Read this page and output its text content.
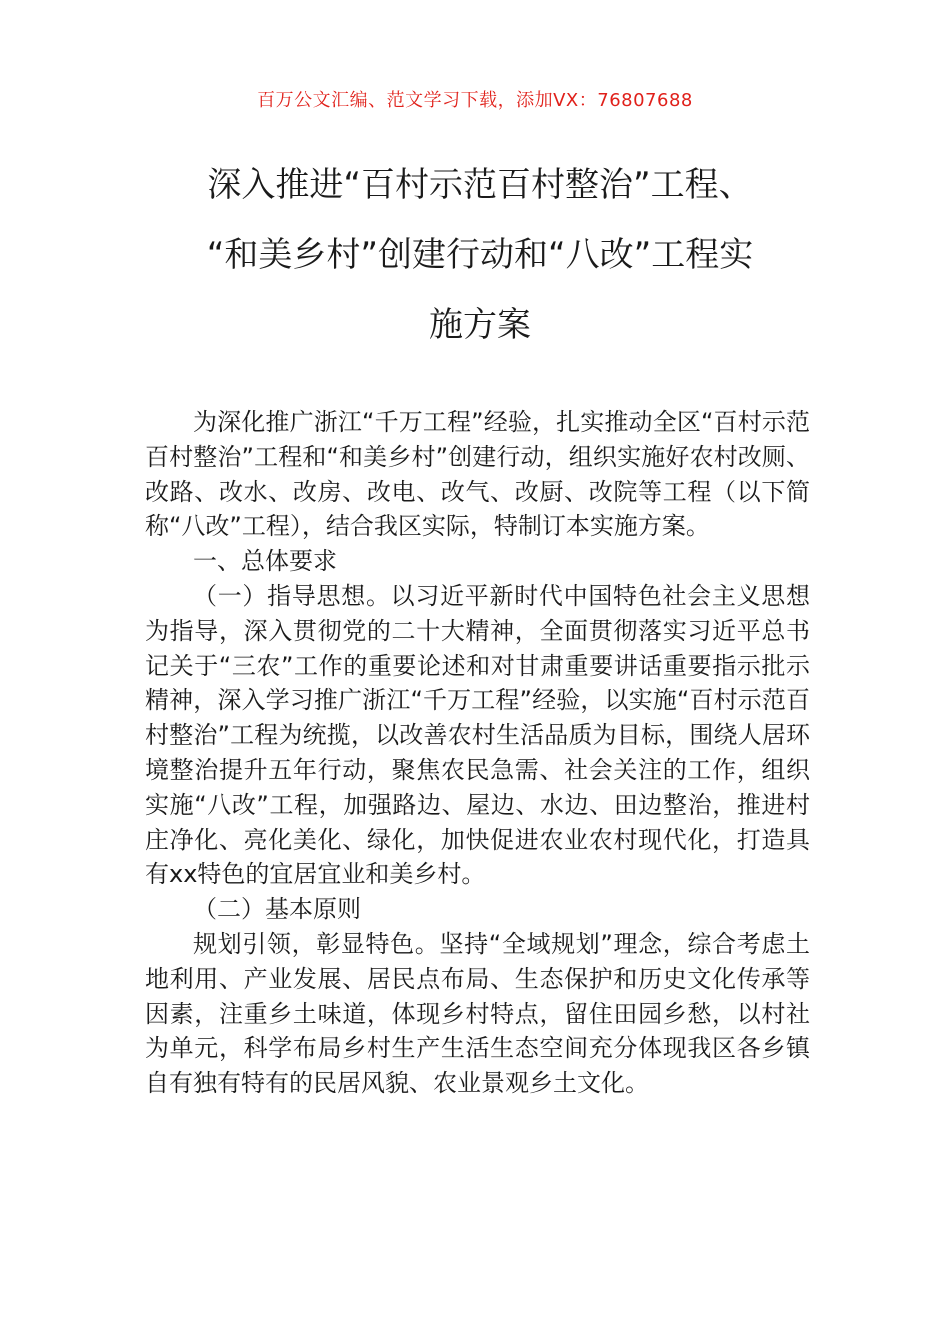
百万公文汇编、范文学习下载，添加VX：76807688
深入推进“百村示范百村整治”工程、
“和美乡村”创建行动和“八改”工程实
施方案

为深化推广浙江“千万工程”经验，扎实推动全区“百村示范百村整治”工程和“和美乡村”创建行动，组织实施好农村改厕、改路、改水、改房、改电、改气、改厨、改院等工程（以下简称“八改”工程），结合我区实际，特制订本实施方案。

一、总体要求

（一）指导思想。以习近平新时代中国特色社会主义思想为指导，深入贯彻党的二十大精神，全面贯彻落实习近平总书记关于“三农”工作的重要论述和对甘肃重要讲话重要指示批示精神，深入学习推广浙江“千万工程”经验，以实施“百村示范百村整治”工程为统揽，以改善农村生活品质为目标，围绕人居环境整治提升五年行动，聚焦农民急需、社会关注的工作，组织实施“八改”工程，加强路边、屋边、水边、田边整治，推进村庄净化、亮化美化、绿化，加快促进农业农村现代化，打造具有xx特色的宜居宜业和美乡村。

（二）基本原则

规划引领，彰显特色。坚持“全域规划”理念，综合考虑土地利用、产业发展、居民点布局、生态保护和历史文化传承等因素，注重乡土味道，体现乡村特点，留住田园乡愁，以村社为单元，科学布局乡村生产生活生态空间充分体现我区各乡镇自有独有特有的民居风貌、农业景观乡土文化。
